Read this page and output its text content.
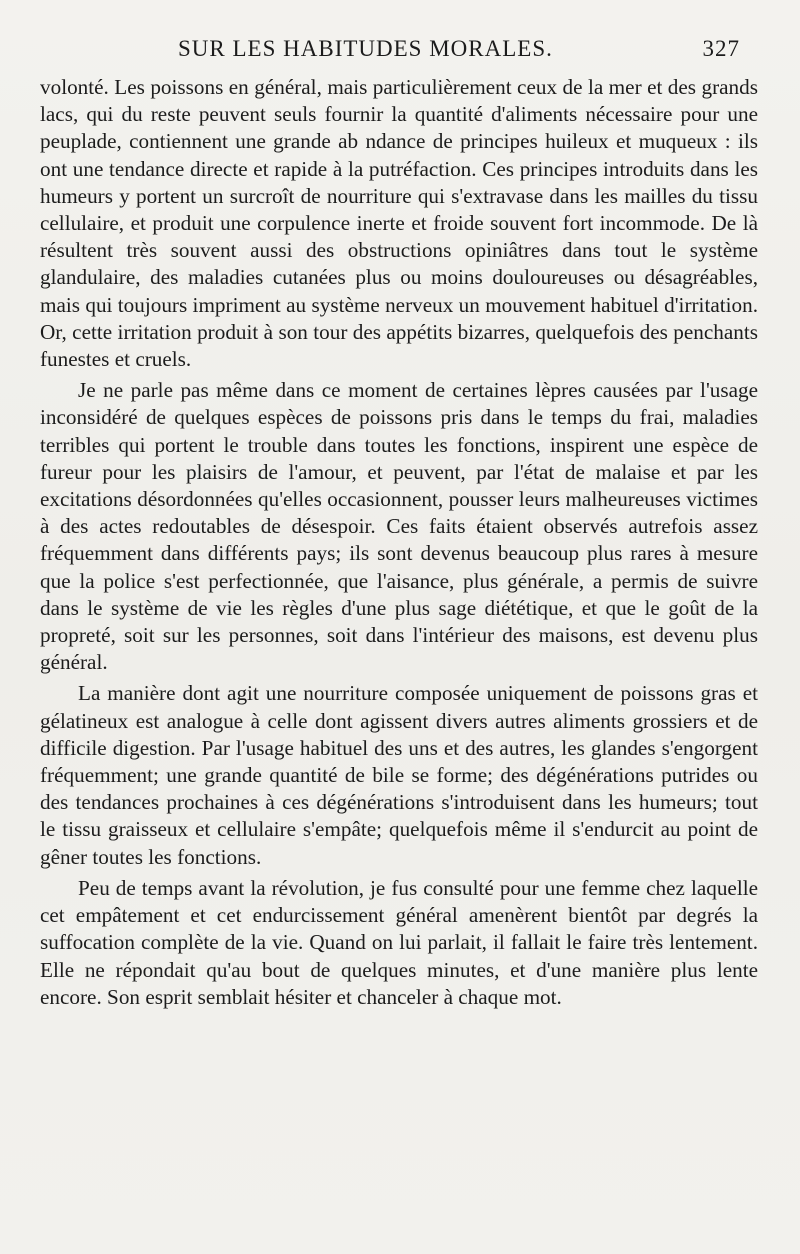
SUR LES HABITUDES MORALES.	327

volonté. Les poissons en général, mais particulièrement ceux de la mer et des grands lacs, qui du reste peuvent seuls fournir la quantité d'aliments nécessaire pour une peuplade, contiennent une grande ab ndance de principes huileux et muqueux : ils ont une tendance directe et rapide à la putréfaction. Ces principes introduits dans les humeurs y portent un surcroît de nourriture qui s'extravase dans les mailles du tissu cellulaire, et produit une corpulence inerte et froide souvent fort incommode. De là résultent très souvent aussi des obstructions opiniâtres dans tout le système glandulaire, des maladies cutanées plus ou moins douloureuses ou désagréables, mais qui toujours impriment au système nerveux un mouvement habituel d'irritation. Or, cette irritation produit à son tour des appétits bizarres, quelquefois des penchants funestes et cruels.

Je ne parle pas même dans ce moment de certaines lèpres causées par l'usage inconsidéré de quelques espèces de poissons pris dans le temps du frai, maladies terribles qui portent le trouble dans toutes les fonctions, inspirent une espèce de fureur pour les plaisirs de l'amour, et peuvent, par l'état de malaise et par les excitations désordonnées qu'elles occasionnent, pousser leurs malheureuses victimes à des actes redoutables de désespoir. Ces faits étaient observés autrefois assez fréquemment dans différents pays; ils sont devenus beaucoup plus rares à mesure que la police s'est perfectionnée, que l'aisance, plus générale, a permis de suivre dans le système de vie les règles d'une plus sage diététique, et que le goût de la propreté, soit sur les personnes, soit dans l'intérieur des maisons, est devenu plus général.

La manière dont agit une nourriture composée uniquement de poissons gras et gélatineux est analogue à celle dont agissent divers autres aliments grossiers et de difficile digestion. Par l'usage habituel des uns et des autres, les glandes s'engorgent fréquemment; une grande quantité de bile se forme; des dégénérations putrides ou des tendances prochaines à ces dégénérations s'introduisent dans les humeurs; tout le tissu graisseux et cellulaire s'empâte; quelquefois même il s'endurcit au point de gêner toutes les fonctions.

Peu de temps avant la révolution, je fus consulté pour une femme chez laquelle cet empâtement et cet endurcissement général amenèrent bientôt par degrés la suffocation complète de la vie. Quand on lui parlait, il fallait le faire très lentement. Elle ne répondait qu'au bout de quelques minutes, et d'une manière plus lente encore. Son esprit semblait hésiter et chanceler à chaque mot.
